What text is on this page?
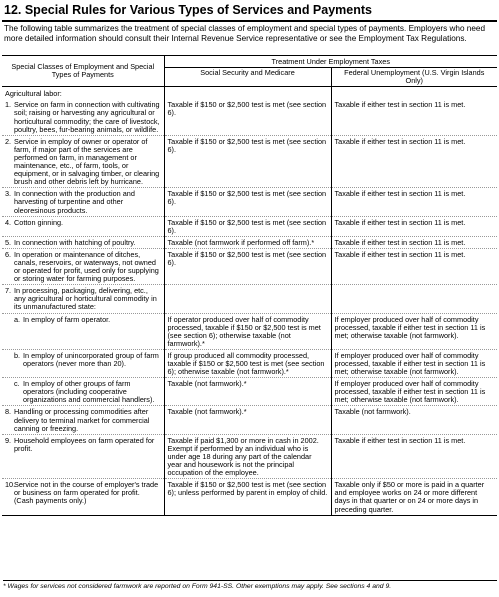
12. Special Rules for Various Types of Services and Payments
The following table summarizes the treatment of special classes of employment and special types of payments. Employers who need more detailed information should consult their Internal Revenue Service representative or see the Employment Tax Regulations.
Special Classes of Employment and Special Types of Payments	Treatment Under Employment Taxes	
	Social Security and Medicare	Federal Unemployment (U.S. Virgin Islands Only)
Agricultural labor:		

1. Service on farm in connection with cultivating soil; raising or harvesting any agricultural or horticultural commodity; the care of livestock, poultry, bees, fur-bearing animals, or wildlife.	Taxable if $150 or $2,500 test is met (see section 6).	Taxable if either test in section 11 is met.

2. Service in employ of owner or operator of farm, if major part of the services are performed on farm, in management or maintenance, etc., of farm, tools, or equipment, or in salvaging timber, or clearing brush and other debris left by hurricane.	Taxable if $150 or $2,500 test is met (see section 6).	Taxable if either test in section 11 is met.

3. In connection with the production and harvesting of turpentine and other oleoresinous products.	Taxable if $150 or $2,500 test is met (see section 6).	Taxable if either test in section 11 is met.

4. Cotton ginning.	Taxable if $150 or $2,500 test is met (see section 6).	Taxable if either test in section 11 is met.

5. In connection with hatching of poultry.	Taxable (not farmwork if performed off farm).*	Taxable if either test in section 11 is met.

6. In operation or maintenance of ditches, canals, reservoirs, or waterways, not owned or operated for profit, used only for supplying or storing water for farming purposes.	Taxable if $150 or $2,500 test is met (see section 6).	Taxable if either test in section 11 is met.

7. In processing, packaging, delivering, etc., any agricultural or horticultural commodity in its unmanufactured state:		

a. In employ of farm operator.	If operator produced over half of commodity processed, taxable if $150 or $2,500 test is met (see section 6); otherwise taxable (not farmwork).*	If employer produced over half of commodity processed, taxable if either test in section 11 is met; otherwise taxable (not farmwork).

b. In employ of unincorporated group of farm operators (never more than 20).	If group produced all commodity processed, taxable if $150 or $2,500 test is met (see section 6); otherwise taxable (not farmwork).*	If employer produced over half of commodity processed, taxable if either test in section 11 is met; otherwise taxable (not farmwork).

c. In employ of other groups of farm operators (including cooperative organizations and commercial handlers).	Taxable (not farmwork).*	If employer produced over half of commodity processed, taxable if either test in section 11 is met; otherwise taxable (not farmwork).

8. Handling or processing commodities after delivery to terminal market for commercial canning or freezing.	Taxable (not farmwork).*	Taxable (not farmwork).

9. Household employees on farm operated for profit.	Taxable if paid $1,300 or more in cash in 2002. Exempt if performed by an individual who is under age 18 during any part of the calendar year and housework is not the principal occupation of the employee.	Taxable if either test in section 11 is met.

10.
Service not in the course of employer's trade or business on farm operated for profit. (Cash payments only.)	Taxable if $150 or $2,500 test is met (see section 6); unless performed by parent in employ of child.	Taxable only if $50 or more is paid in a quarter and employee works on 24 or more different days in that quarter or on 24 or more days in preceding quarter.
* Wages for services not considered farmwork are reported on Form 941-SS. Other exemptions may apply. See sections 4 and 9.
